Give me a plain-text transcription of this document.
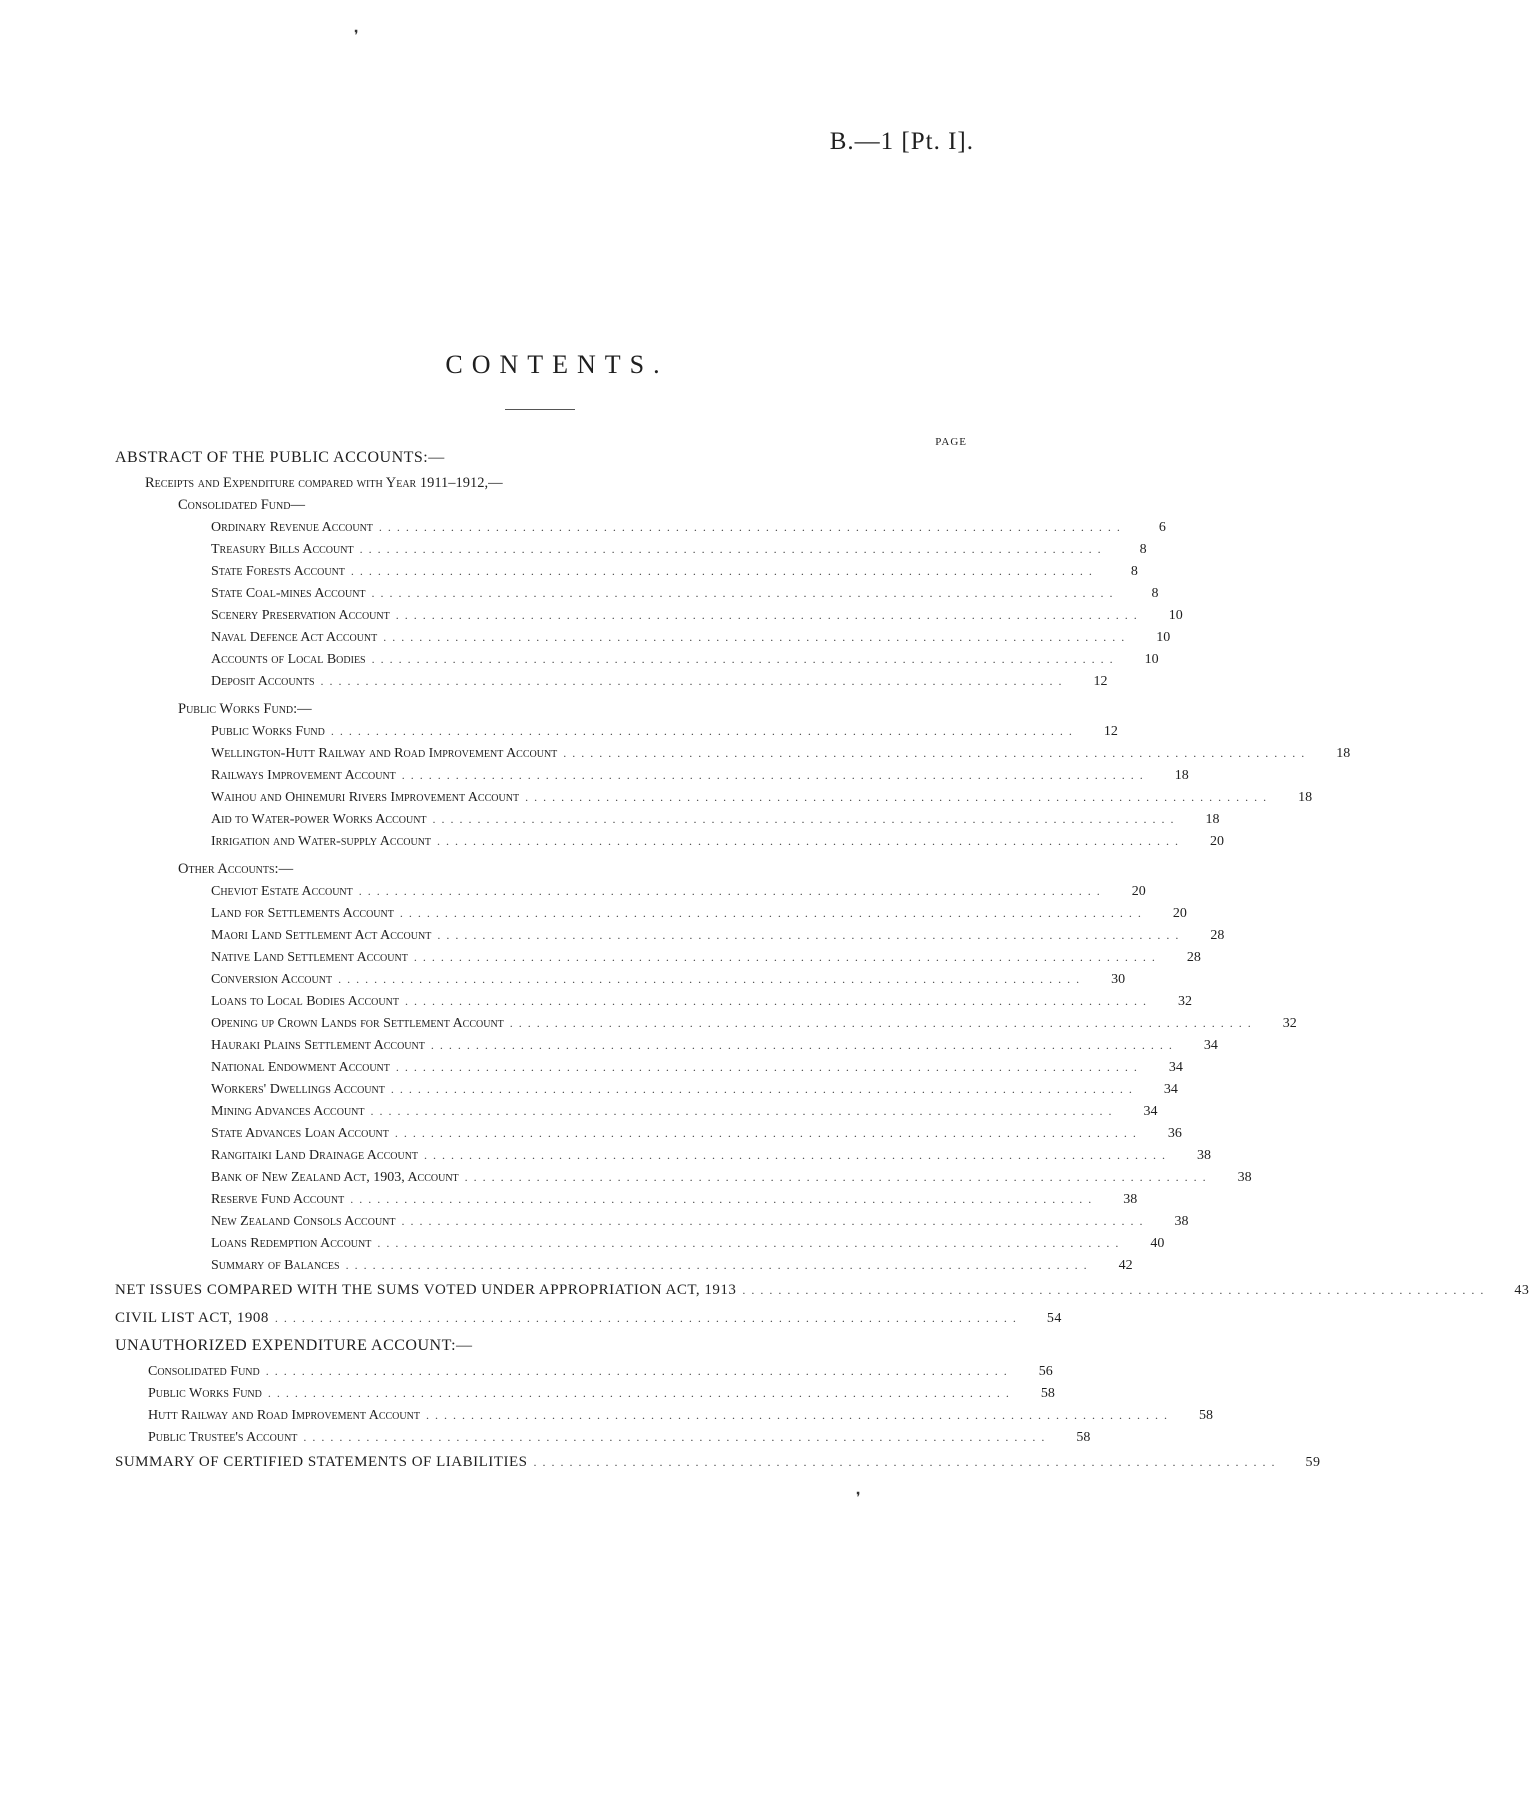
❜
❜
B.—1 [Pt. I].
CONTENTS.
PAGE
ABSTRACT OF THE PUBLIC ACCOUNTS:—
Receipts and Expenditure compared with Year 1911–1912,—
Consolidated Fund—
Ordinary Revenue Account ...................................................................................	6
Treasury Bills Account ...................................................................................	8
State Forests Account ...................................................................................	8
State Coal-mines Account ...................................................................................	8
Scenery Preservation Account ...................................................................................	10
Naval Defence Act Account ...................................................................................	10
Accounts of Local Bodies ...................................................................................	10
Deposit Accounts ...................................................................................	12
Public Works Fund:—
Public Works Fund ...................................................................................	12
Wellington-Hutt Railway and Road Improvement Account ...................................................................................	18
Railways Improvement Account ...................................................................................	18
Waihou and Ohinemuri Rivers Improvement Account ...................................................................................	18
Aid to Water-power Works Account ...................................................................................	18
Irrigation and Water-supply Account ...................................................................................	20
Other Accounts:—
Cheviot Estate Account ...................................................................................	20
Land for Settlements Account ...................................................................................	20
Maori Land Settlement Act Account ...................................................................................	28
Native Land Settlement Account ...................................................................................	28
Conversion Account ...................................................................................	30
Loans to Local Bodies Account ...................................................................................	32
Opening up Crown Lands for Settlement Account ...................................................................................	32
Hauraki Plains Settlement Account ...................................................................................	34
National Endowment Account ...................................................................................	34
Workers' Dwellings Account ...................................................................................	34
Mining Advances Account ...................................................................................	34
State Advances Loan Account ...................................................................................	36
Rangitaiki Land Drainage Account ...................................................................................	38
Bank of New Zealand Act, 1903, Account ...................................................................................	38
Reserve Fund Account ...................................................................................	38
New Zealand Consols Account ...................................................................................	38
Loans Redemption Account ...................................................................................	40
Summary of Balances ...................................................................................	42
NET ISSUES COMPARED WITH THE SUMS VOTED UNDER APPROPRIATION ACT, 1913 ...................................................................................	43
CIVIL LIST ACT, 1908 ...................................................................................	54
UNAUTHORIZED EXPENDITURE ACCOUNT:—
Consolidated Fund ...................................................................................	56
Public Works Fund ...................................................................................	58
Hutt Railway and Road Improvement Account ...................................................................................	58
Public Trustee's Account ...................................................................................	58
SUMMARY OF CERTIFIED STATEMENTS OF LIABILITIES ...................................................................................	59
